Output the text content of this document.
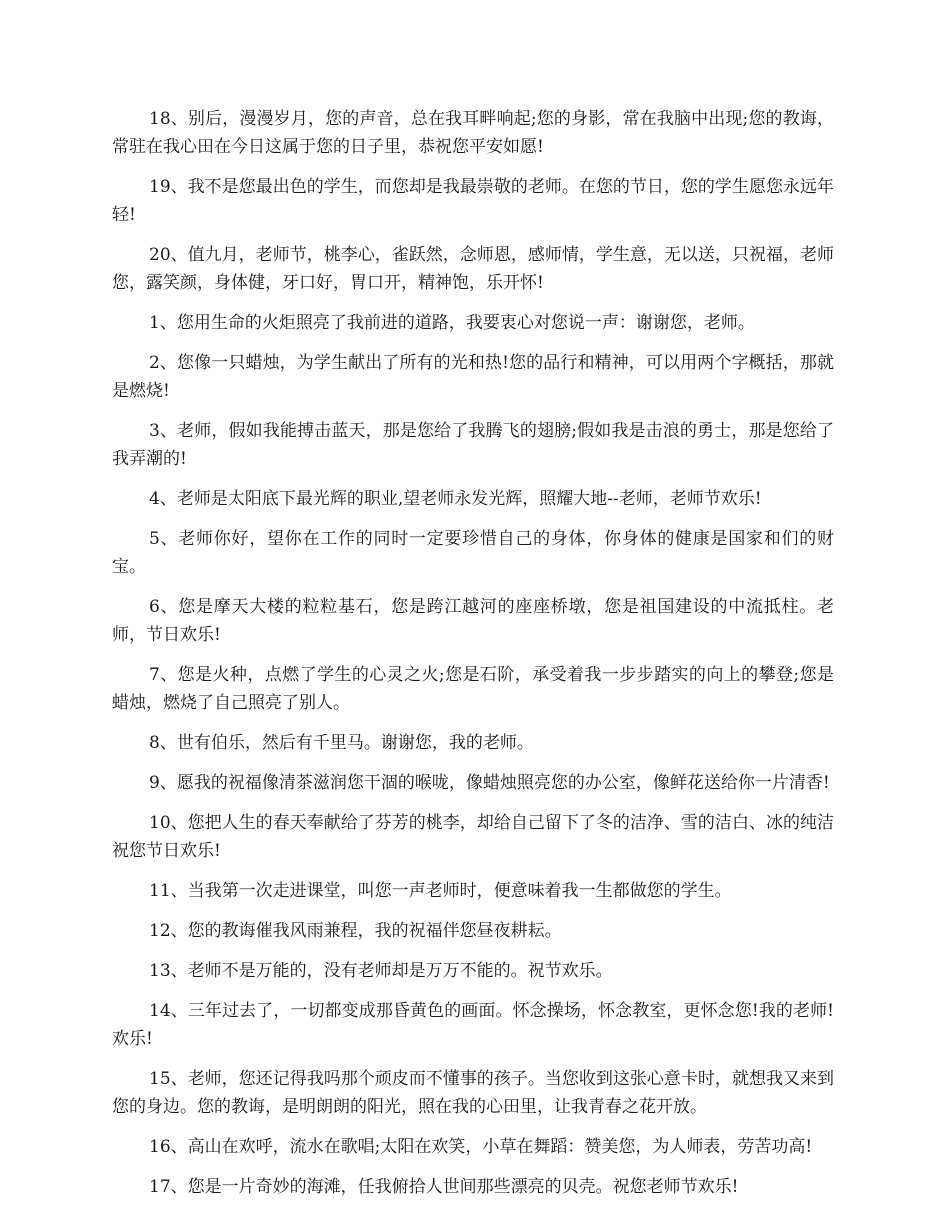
18、别后，漫漫岁月，您的声音，总在我耳畔响起;您的身影，常在我脑中出现;您的教诲，常驻在我心田在今日这属于您的日子里，恭祝您平安如愿!

19、我不是您最出色的学生，而您却是我最崇敬的老师。在您的节日，您的学生愿您永远年轻!

20、值九月，老师节，桃李心，雀跃然，念师恩，感师情，学生意，无以送，只祝福，老师您，露笑颜，身体健，牙口好，胃口开，精神饱，乐开怀!

1、您用生命的火炬照亮了我前进的道路，我要衷心对您说一声：谢谢您，老师。

2、您像一只蜡烛，为学生献出了所有的光和热!您的品行和精神，可以用两个字概括，那就是燃烧!

3、老师，假如我能搏击蓝天，那是您给了我腾飞的翅膀;假如我是击浪的勇士，那是您给了我弄潮的!

4、老师是太阳底下最光辉的职业,望老师永发光辉，照耀大地--老师，老师节欢乐!

5、老师你好，望你在工作的同时一定要珍惜自己的身体，你身体的健康是国家和们的财宝。

6、您是摩天大楼的粒粒基石，您是跨江越河的座座桥墩，您是祖国建设的中流抵柱。老师，节日欢乐!

7、您是火种，点燃了学生的心灵之火;您是石阶，承受着我一步步踏实的向上的攀登;您是蜡烛，燃烧了自己照亮了别人。

8、世有伯乐，然后有千里马。谢谢您，我的老师。

9、愿我的祝福像清茶滋润您干涸的喉咙，像蜡烛照亮您的办公室，像鲜花送给你一片清香!

10、您把人生的春天奉献给了芬芳的桃李，却给自己留下了冬的洁净、雪的洁白、冰的纯洁祝您节日欢乐!

11、当我第一次走进课堂，叫您一声老师时，便意味着我一生都做您的学生。

12、您的教诲催我风雨兼程，我的祝福伴您昼夜耕耘。

13、老师不是万能的，没有老师却是万万不能的。祝节欢乐。

14、三年过去了，一切都变成那昏黄色的画面。怀念操场，怀念教室，更怀念您!我的老师!欢乐!

15、老师，您还记得我吗那个顽皮而不懂事的孩子。当您收到这张心意卡时，就想我又来到您的身边。您的教诲，是明朗朗的阳光，照在我的心田里，让我青春之花开放。

16、高山在欢呼，流水在歌唱;太阳在欢笑，小草在舞蹈：赞美您，为人师表，劳苦功高!

17、您是一片奇妙的海滩，任我俯拾人世间那些漂亮的贝壳。祝您老师节欢乐!
